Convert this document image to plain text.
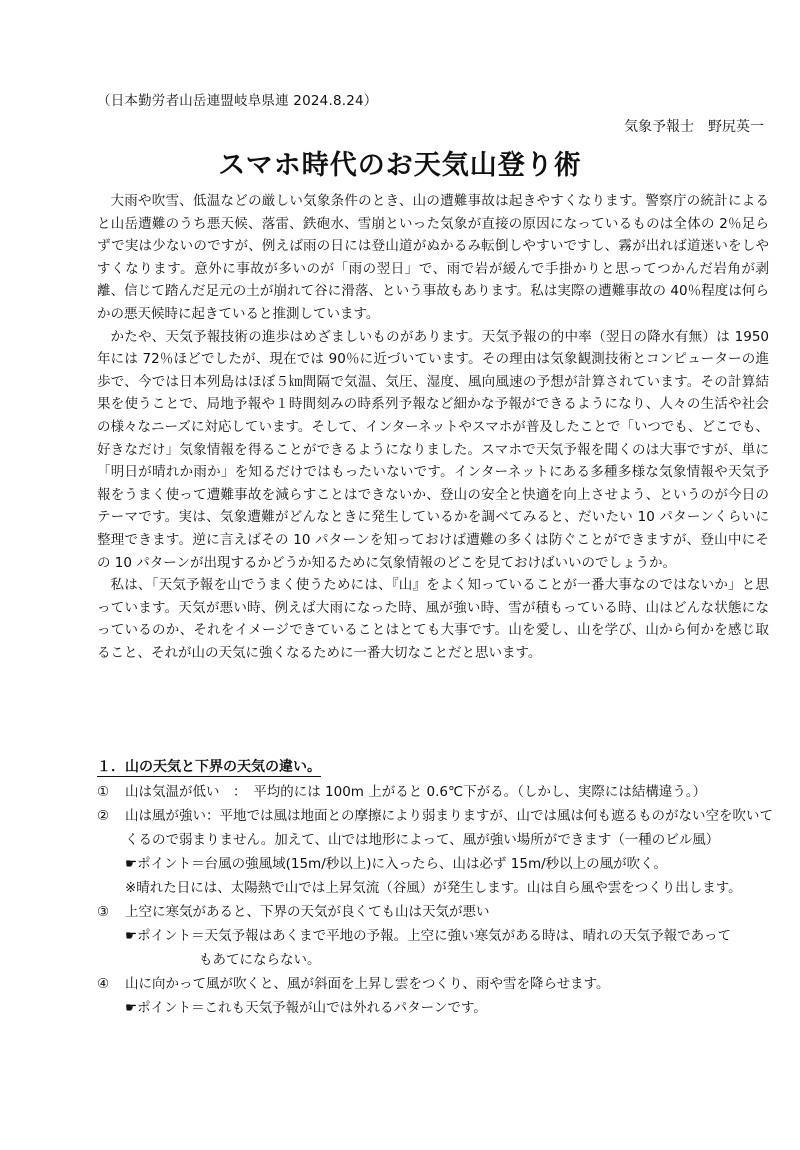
（日本勤労者山岳連盟岐阜県連 2024.8.24）
気象予報士　野尻英一
スマホ時代のお天気山登り術

大雨や吹雪、低温などの厳しい気象条件のとき、山の遭難事故は起きやすくなります。警察庁の統計によると山岳遭難のうち悪天候、落雷、鉄砲水、雪崩といった気象が直接の原因になっているものは全体の 2％足らずで実は少ないのですが、例えば雨の日には登山道がぬかるみ転倒しやすいですし、霧が出れば道迷いをしやすくなります。意外に事故が多いのが「雨の翌日」で、雨で岩が緩んで手掛かりと思ってつかんだ岩角が剥離、信じて踏んだ足元の土が崩れて谷に滑落、という事故もあります。私は実際の遭難事故の 40％程度は何らかの悪天候時に起きていると推測しています。

かたや、天気予報技術の進歩はめざましいものがあります。天気予報の的中率（翌日の降水有無）は 1950 年には 72％ほどでしたが、現在では 90％に近づいています。その理由は気象観測技術とコンピューターの進歩で、今では日本列島はほぼ５㎞間隔で気温、気圧、湿度、風向風速の予想が計算されています。その計算結果を使うことで、局地予報や１時間刻みの時系列予報など細かな予報ができるようになり、人々の生活や社会の様々なニーズに対応しています。そして、インターネットやスマホが普及したことで「いつでも、どこでも、好きなだけ」気象情報を得ることができるようになりました。スマホで天気予報を聞くのは大事ですが、単に「明日が晴れか雨か」を知るだけではもったいないです。インターネットにある多種多様な気象情報や天気予報をうまく使って遭難事故を減らすことはできないか、登山の安全と快適を向上させよう、というのが今日のテーマです。実は、気象遭難がどんなときに発生しているかを調べてみると、だいたい 10 パターンくらいに整理できます。逆に言えばその 10 パターンを知っておけば遭難の多くは防ぐことができますが、登山中にその 10 パターンが出現するかどうか知るために気象情報のどこを見ておけばいいのでしょうか。

私は、「天気予報を山でうまく使うためには、『山』をよく知っていることが一番大事なのではないか」と思っています。天気が悪い時、例えば大雨になった時、風が強い時、雪が積もっている時、山はどんな状態になっているのか、それをイメージできていることはとても大事です。山を愛し、山を学び、山から何かを感じ取ること、それが山の天気に強くなるために一番大切なことだと思います。

１．山の天気と下界の天気の違い。
①	山は気温が低い　：　平均的には 100m 上がると 0.6℃下がる。（しかし、実際には結構違う。）
②	山は風が強い：平地では風は地面との摩擦により弱まりますが、山では風は何も遮るものがない空を吹いてくるので弱まりません。加えて、山では地形によって、風が強い場所ができます（一種のビル風）
☛ポイント＝台風の強風域(15m/秒以上)に入ったら、山は必ず 15m/秒以上の風が吹く。
※晴れた日には、太陽熱で山では上昇気流（谷風）が発生します。山は自ら風や雲をつくり出します。
③	上空に寒気があると、下界の天気が良くても山は天気が悪い
☛ポイント＝天気予報はあくまで平地の予報。上空に強い寒気がある時は、晴れの天気予報であって
もあてにならない。
④	山に向かって風が吹くと、風が斜面を上昇し雲をつくり、雨や雪を降らせます。
☛ポイント＝これも天気予報が山では外れるパターンです。
